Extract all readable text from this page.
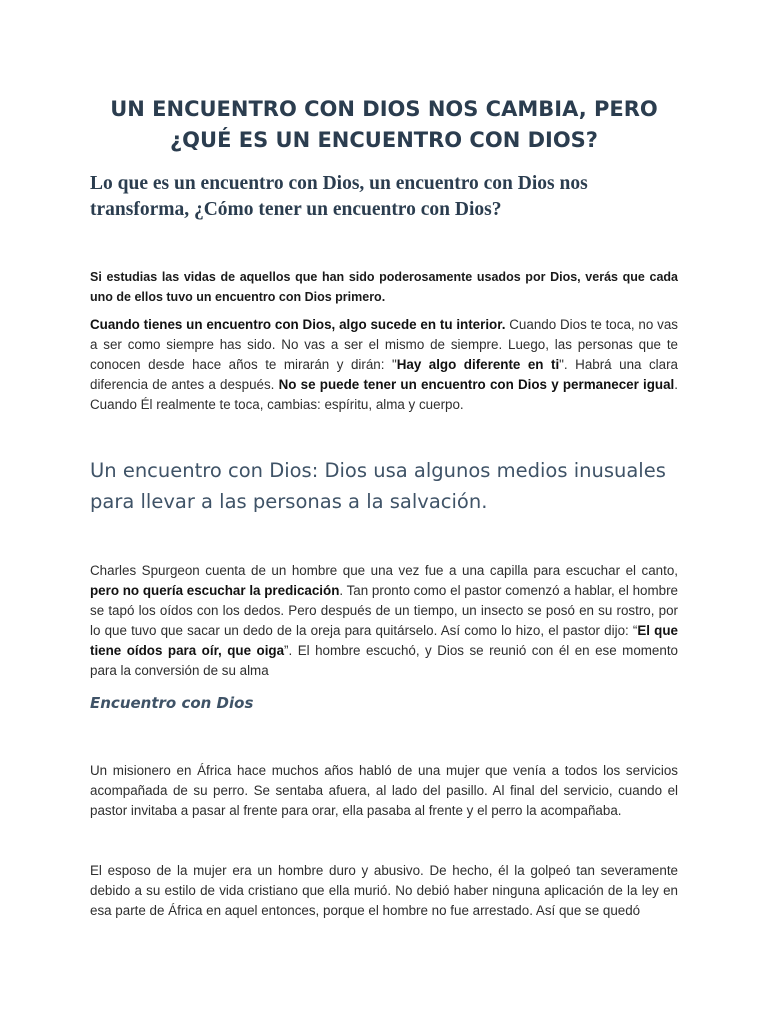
UN ENCUENTRO CON DIOS NOS CAMBIA, PERO ¿QUÉ ES UN ENCUENTRO CON DIOS?
Lo que es un encuentro con Dios, un encuentro con Dios nos transforma, ¿Cómo tener un encuentro con Dios?

Si estudias las vidas de aquellos que han sido poderosamente usados por Dios, verás que cada uno de ellos tuvo un encuentro con Dios primero.

Cuando tienes un encuentro con Dios, algo sucede en tu interior. Cuando Dios te toca, no vas a ser como siempre has sido. No vas a ser el mismo de siempre. Luego, las personas que te conocen desde hace años te mirarán y dirán: "Hay algo diferente en ti". Habrá una clara diferencia de antes a después. No se puede tener un encuentro con Dios y permanecer igual. Cuando Él realmente te toca, cambias: espíritu, alma y cuerpo.

Un encuentro con Dios: Dios usa algunos medios inusuales para llevar a las personas a la salvación.

Charles Spurgeon cuenta de un hombre que una vez fue a una capilla para escuchar el canto, pero no quería escuchar la predicación. Tan pronto como el pastor comenzó a hablar, el hombre se tapó los oídos con los dedos. Pero después de un tiempo, un insecto se posó en su rostro, por lo que tuvo que sacar un dedo de la oreja para quitárselo. Así como lo hizo, el pastor dijo: “El que tiene oídos para oír, que oiga”. El hombre escuchó, y Dios se reunió con él en ese momento para la conversión de su alma

Encuentro con Dios

Un misionero en África hace muchos años habló de una mujer que venía a todos los servicios acompañada de su perro. Se sentaba afuera, al lado del pasillo. Al final del servicio, cuando el pastor invitaba a pasar al frente para orar, ella pasaba al frente y el perro la acompañaba.

El esposo de la mujer era un hombre duro y abusivo. De hecho, él la golpeó tan severamente debido a su estilo de vida cristiano que ella murió. No debió haber ninguna aplicación de la ley en esa parte de África en aquel entonces, porque el hombre no fue arrestado. Así que se quedó
